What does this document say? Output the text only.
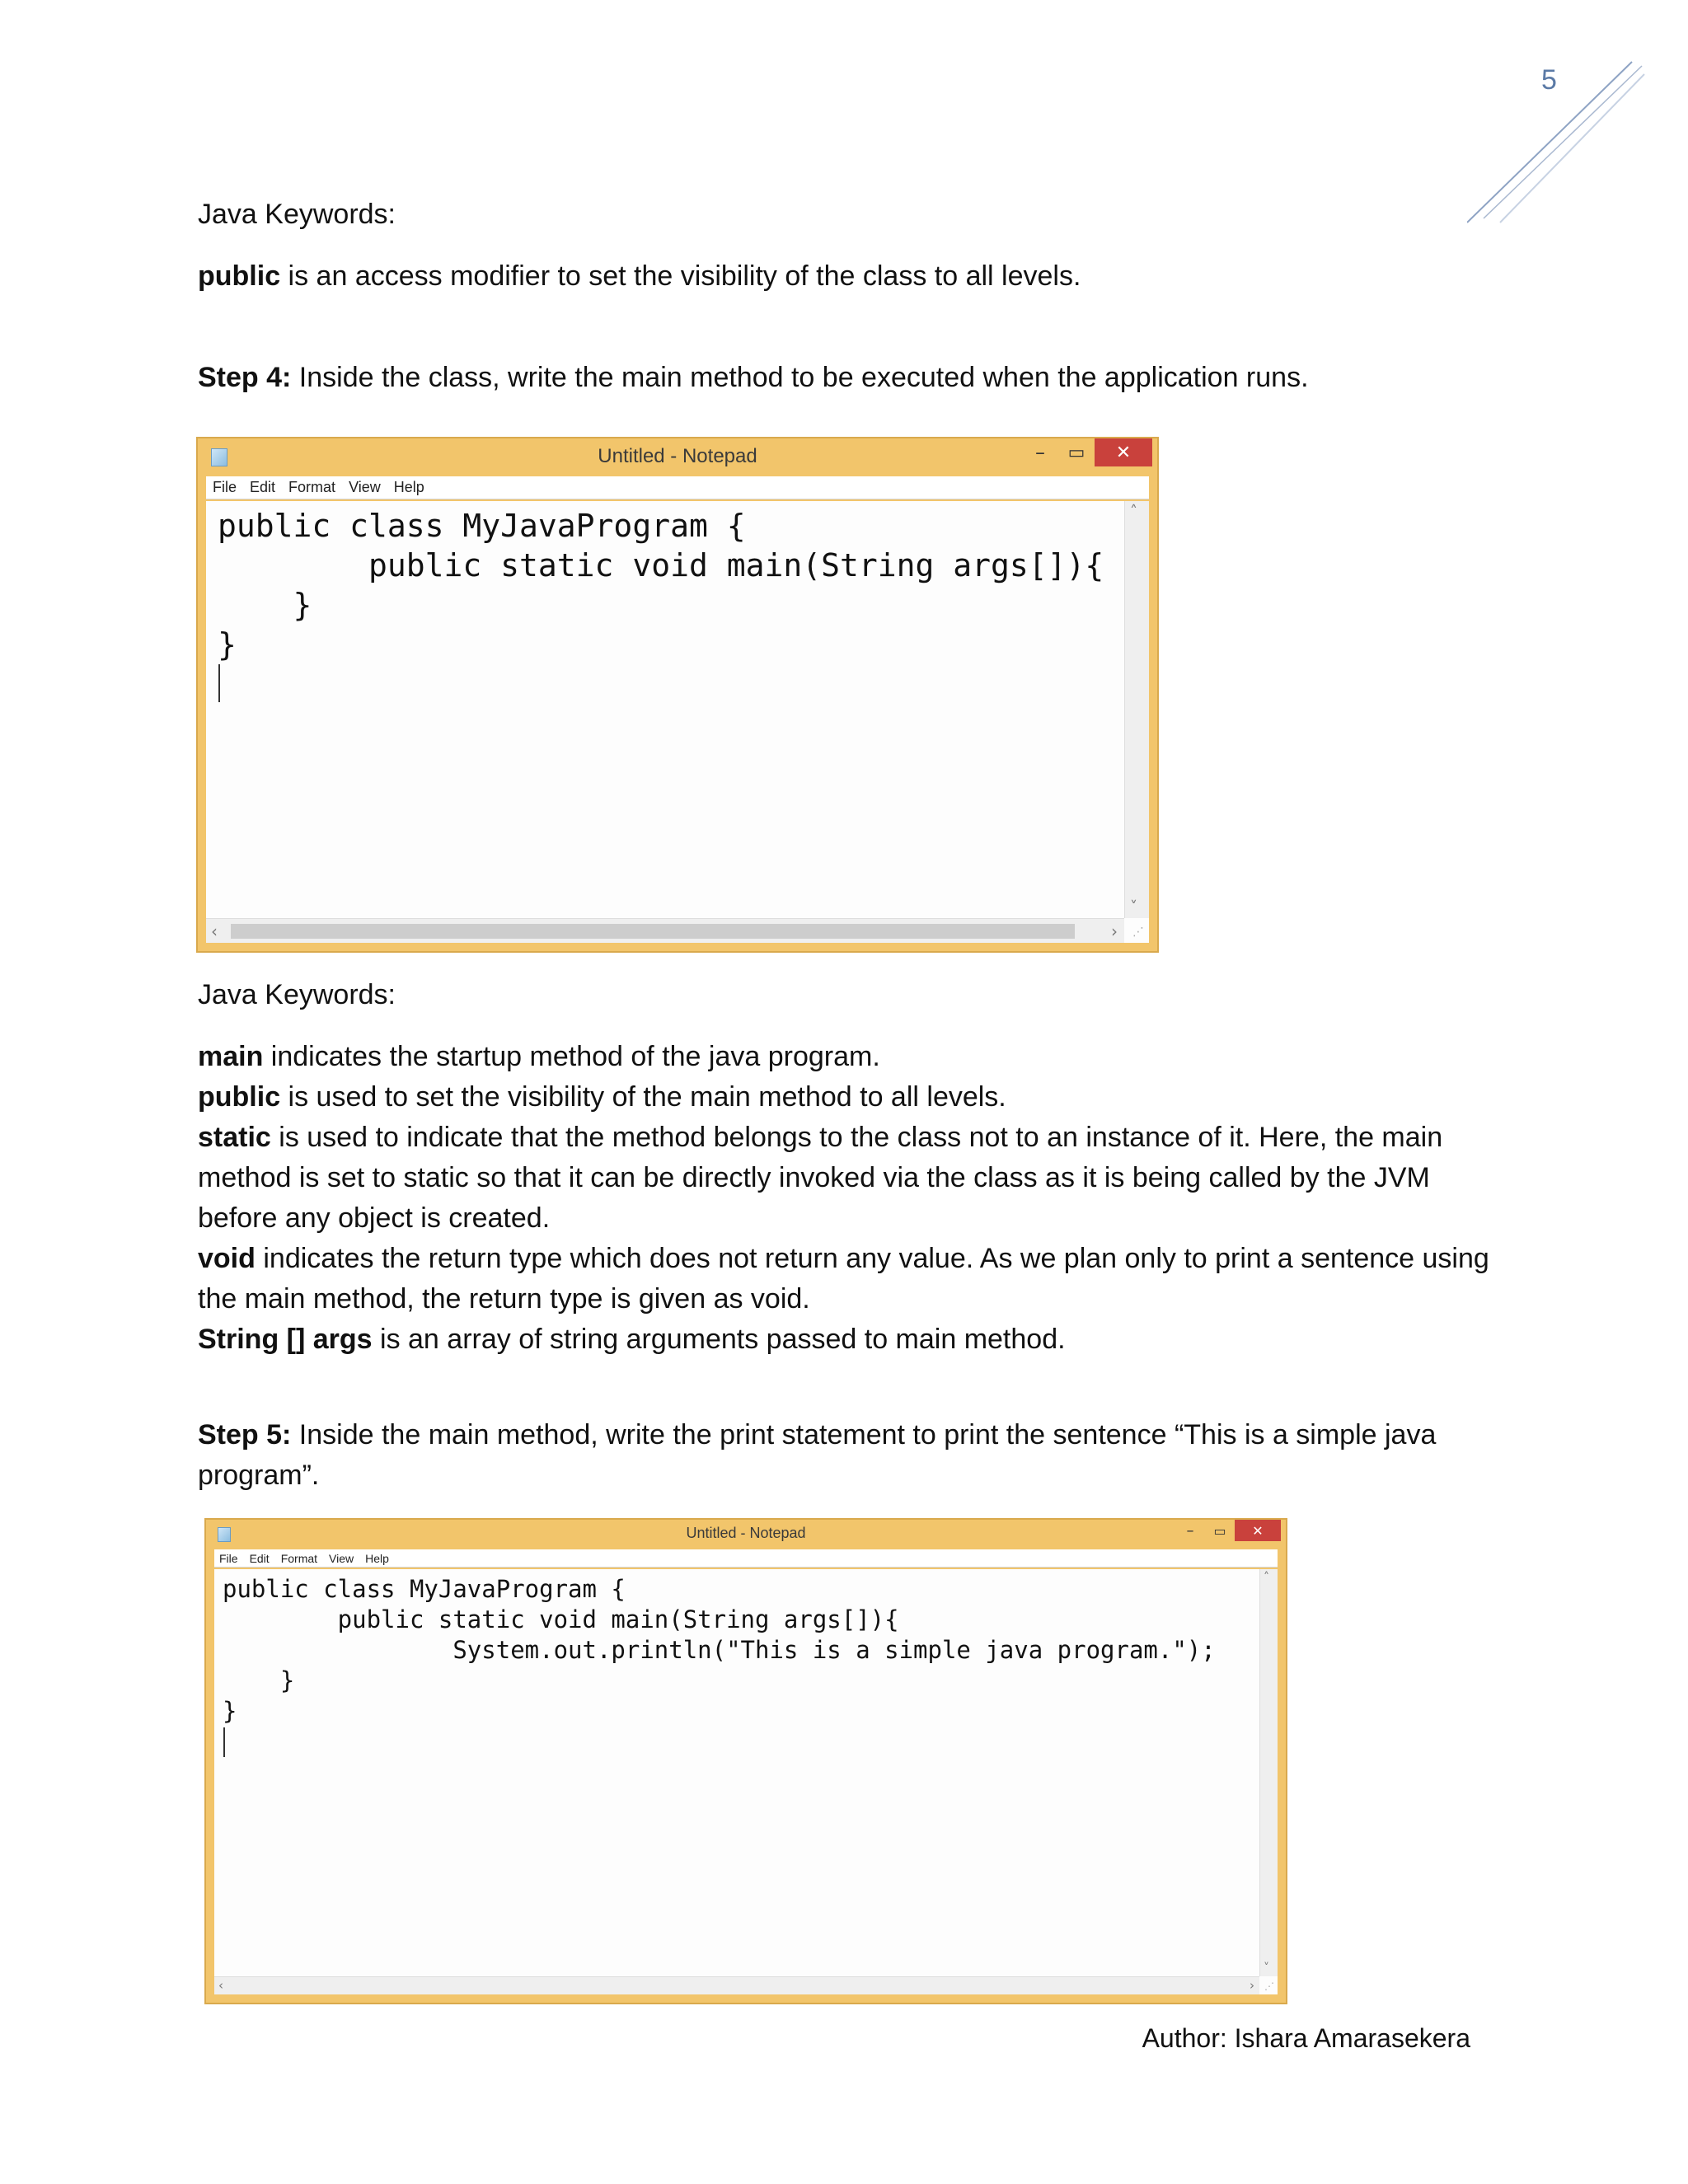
5
Java Keywords:
public is an access modifier to set the visibility of the class to all levels.
Step 4: Inside the class, write the main method to be executed when the application runs.
Untitled - Notepad	–	▭	✕
File Edit Format View Help

public class MyJavaProgram {
public static void main(String args[]){
}
}

˄

˅

‹

	›

⋰

Java Keywords:
main indicates the startup method of the java program.
public is used to set the visibility of the main method to all levels.
static is used to indicate that the method belongs to the class not to an instance of it. Here, the main method is set to static so that it can be directly invoked via the class as it is being called by the JVM before any object is created.
void indicates the return type which does not return any value. As we plan only to print a sentence using the main method, the return type is given as void.
String [] args is an array of string arguments passed to main method.
Step 5: Inside the main method, write the print statement to print the sentence “This is a simple java program”.
Untitled - Notepad	–	▭	✕
File Edit Format View Help

public class MyJavaProgram {
public static void main(String args[]){
System.out.println("This is a simple java program.");
}
}

˄

˅

‹

	›

⋰

Author: Ishara Amarasekera
